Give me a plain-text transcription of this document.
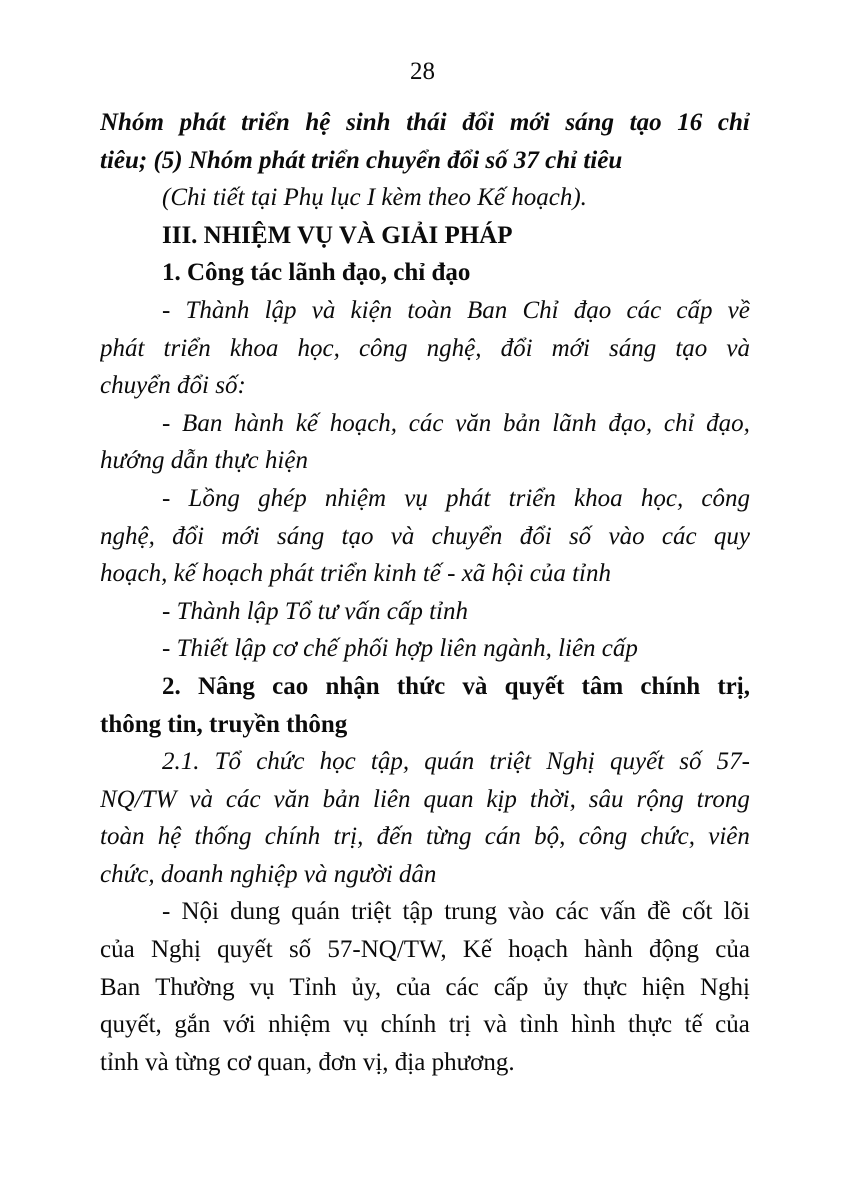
28
Nhóm phát triển hệ sinh thái đổi mới sáng tạo 16 chỉ
tiêu; (5) Nhóm phát triển chuyển đổi số 37 chỉ tiêu
(Chi tiết tại Phụ lục I kèm theo Kế hoạch).
III. NHIỆM VỤ VÀ GIẢI PHÁP
1. Công tác lãnh đạo, chỉ đạo
- Thành lập và kiện toàn Ban Chỉ đạo các cấp về
phát triển khoa học, công nghệ, đổi mới sáng tạo và
chuyển đổi số:
- Ban hành kế hoạch, các văn bản lãnh đạo, chỉ đạo,
hướng dẫn thực hiện
- Lồng ghép nhiệm vụ phát triển khoa học, công
nghệ, đổi mới sáng tạo và chuyển đổi số vào các quy
hoạch, kế hoạch phát triển kinh tế - xã hội của tỉnh
- Thành lập Tổ tư vấn cấp tỉnh
- Thiết lập cơ chế phối hợp liên ngành, liên cấp
2. Nâng cao nhận thức và quyết tâm chính trị,
thông tin, truyền thông
2.1. Tổ chức học tập, quán triệt Nghị quyết số 57-
NQ/TW và các văn bản liên quan kịp thời, sâu rộng trong
toàn hệ thống chính trị, đến từng cán bộ, công chức, viên
chức, doanh nghiệp và người dân
- Nội dung quán triệt tập trung vào các vấn đề cốt lõi
của Nghị quyết số 57-NQ/TW, Kế hoạch hành động của
Ban Thường vụ Tỉnh ủy, của các cấp ủy thực hiện Nghị
quyết, gắn với nhiệm vụ chính trị và tình hình thực tế của
tỉnh và từng cơ quan, đơn vị, địa phương.
